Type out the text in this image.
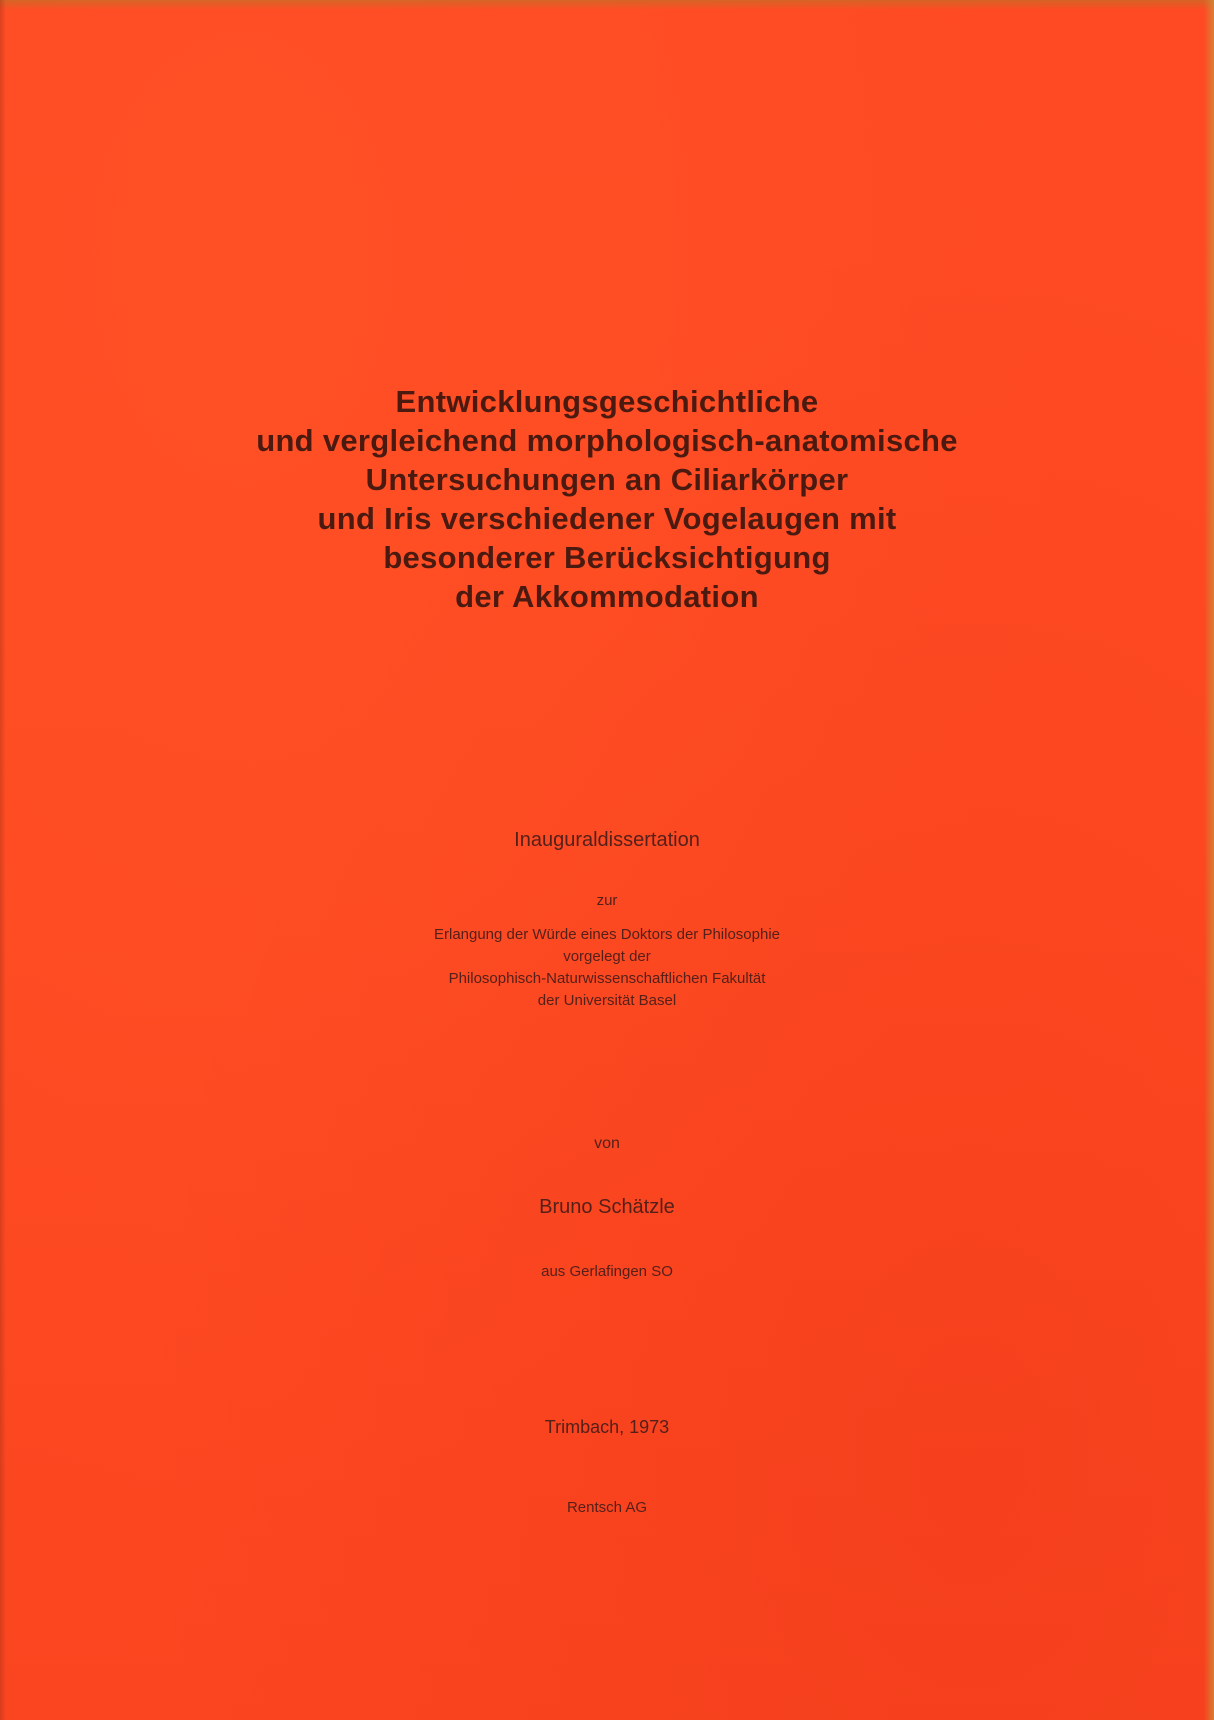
Entwicklungsgeschichtliche
und vergleichend morphologisch-anatomische
Untersuchungen an Ciliarkörper
und Iris verschiedener Vogelaugen mit
besonderer Berücksichtigung
der Akkommodation
Inauguraldissertation
zur
Erlangung der Würde eines Doktors der Philosophie
vorgelegt der
Philosophisch-Naturwissenschaftlichen Fakultät
der Universität Basel
von
Bruno Schätzle
aus Gerlafingen SO
Trimbach, 1973
Rentsch AG
